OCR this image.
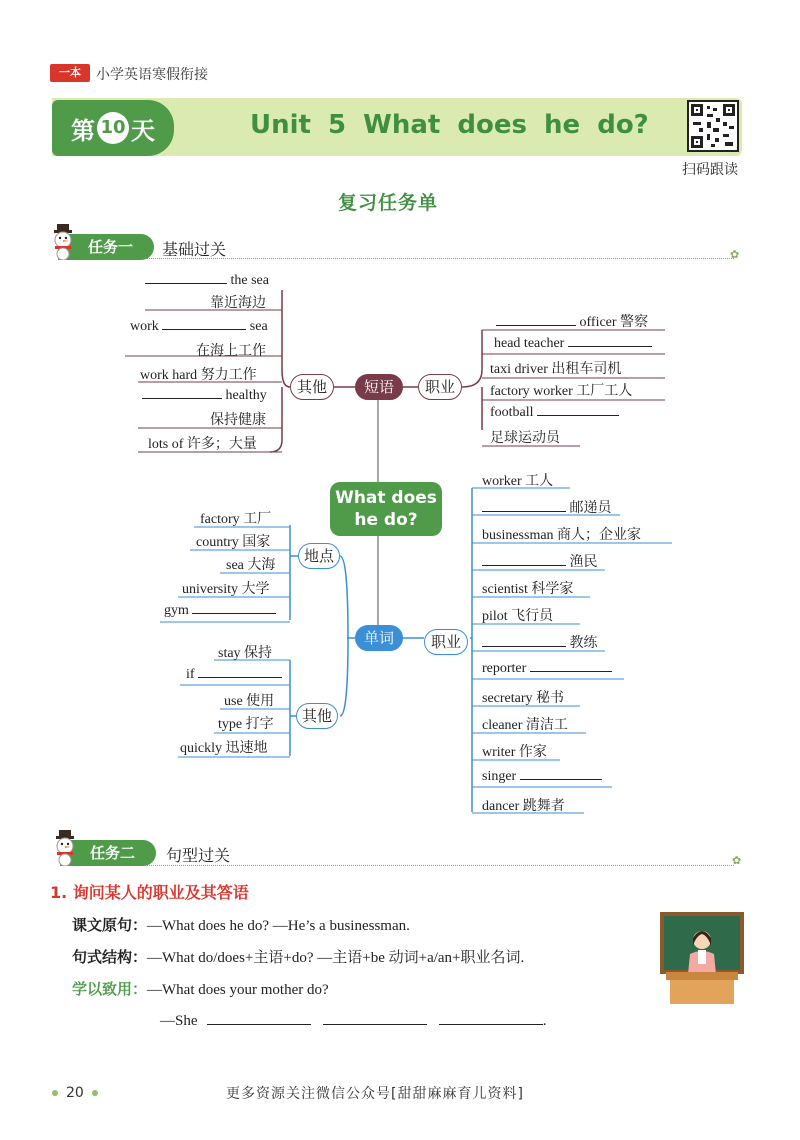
一本	小学英语寒假衔接
第 10 天	Unit 5 What does he do?
扫码跟读
复习任务单
✿
任务一	基础过关
What does he do?
短语
其他	职业
单词
地点
其他
职业
the sea
靠近海边
work	sea
在海上工作
work hard 努力工作
healthy
保持健康
lots of 许多；大量
officer 警察
head teacher
taxi driver 出租车司机
factory worker 工厂工人
football
足球运动员
factory 工厂
country 国家
sea 大海
university 大学
gym
stay 保持
if
use 使用
type 打字
quickly 迅速地
worker 工人
邮递员
businessman 商人；企业家
渔民
scientist 科学家
pilot 飞行员
教练
reporter
secretary 秘书
cleaner 清洁工
writer 作家
singer
dancer 跳舞者
✿
任务二	句型过关
1. 询问某人的职业及其答语
课文原句：—What does he do? —He’s a businessman.
句式结构：—What do/does+主语+do? —主语+be 动词+a/an+职业名词.
学以致用：—What does your mother do?
—She	.
20	更多资源关注微信公众号[甜甜麻麻育儿资料]
